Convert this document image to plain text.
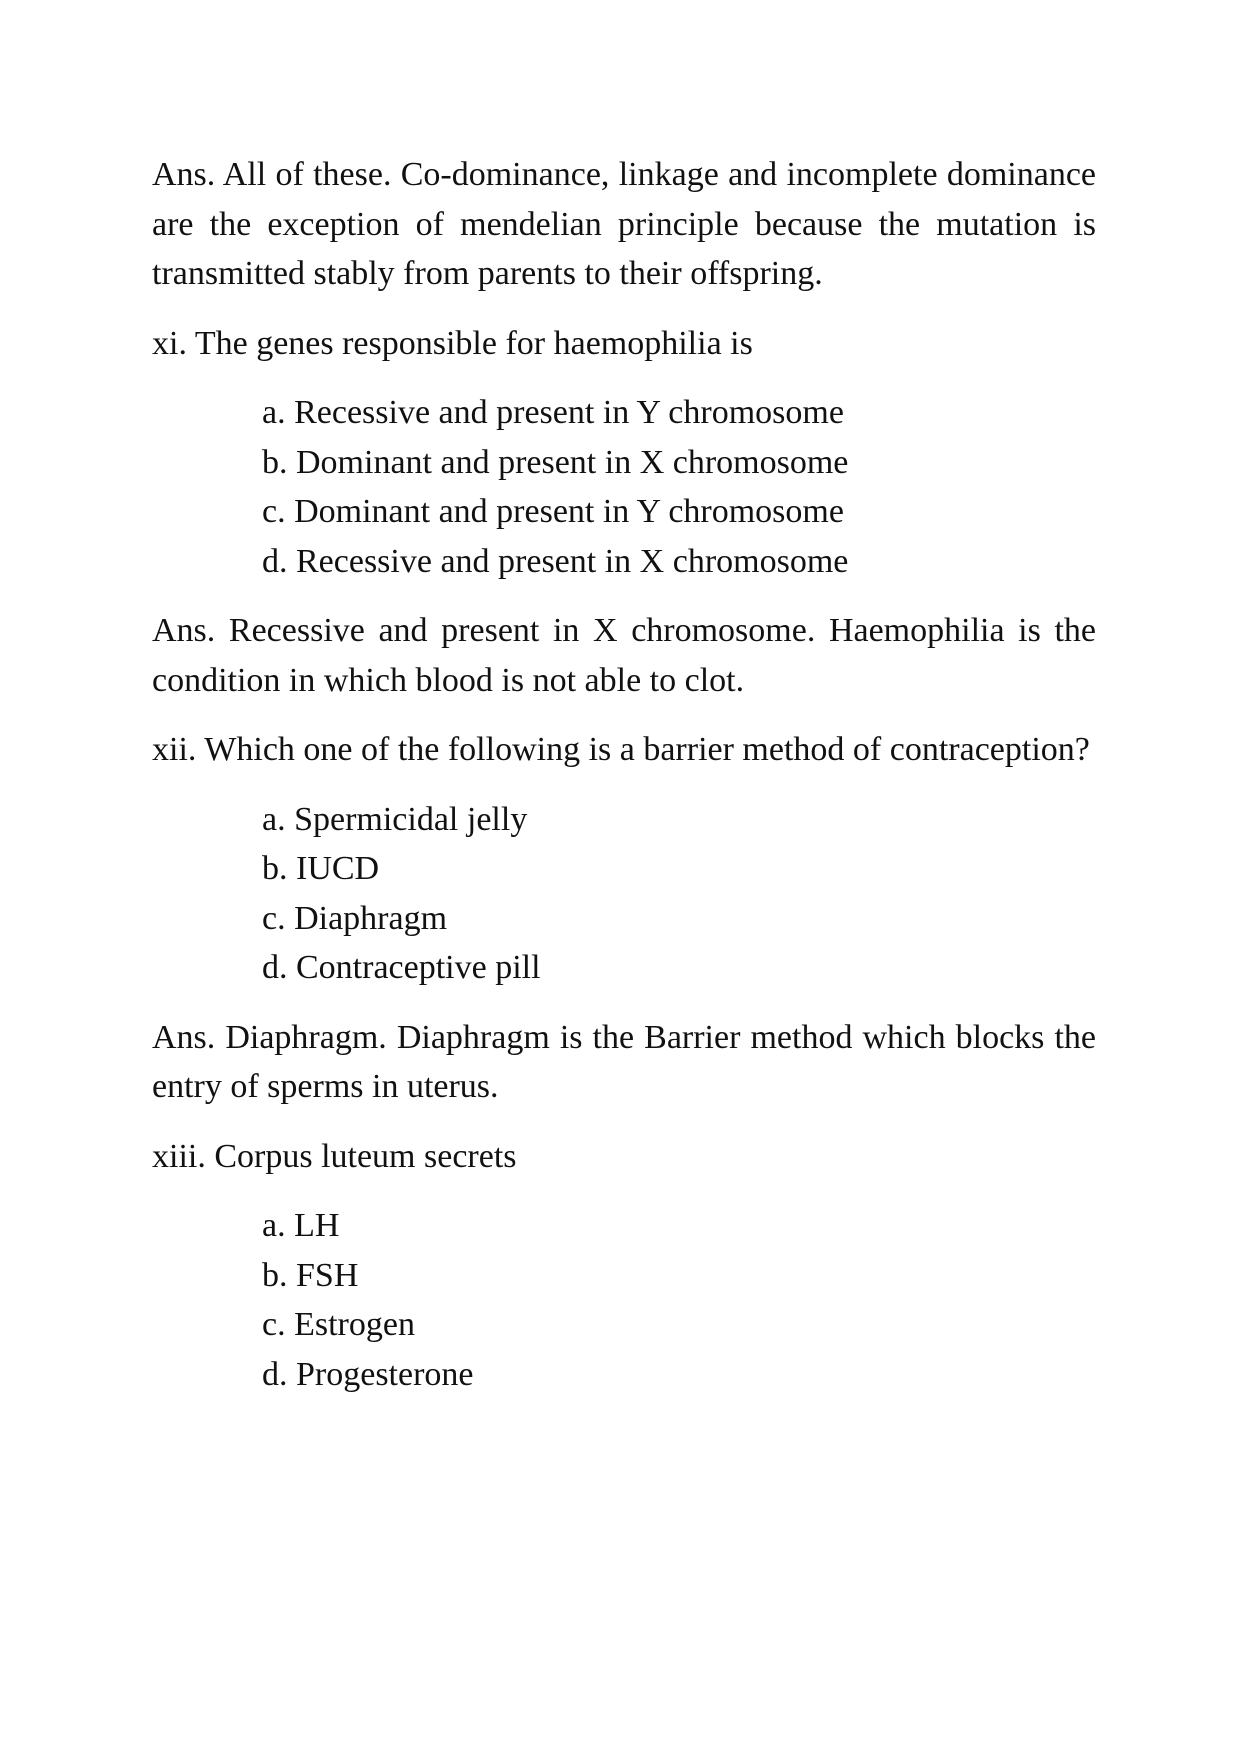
Ans. All of these. Co-dominance, linkage and incomplete dominance are the exception of mendelian principle because the mutation is transmitted stably from parents to their offspring.

xi. The genes responsible for haemophilia is

a. Recessive and present in Y chromosome
b. Dominant and present in X chromosome
c. Dominant and present in Y chromosome
d. Recessive and present in X chromosome

Ans. Recessive and present in X chromosome. Haemophilia is the condition in which blood is not able to clot.

xii. Which one of the following is a barrier method of contraception?

a. Spermicidal jelly
b. IUCD
c. Diaphragm
d. Contraceptive pill

Ans. Diaphragm. Diaphragm is the Barrier method which blocks the entry of sperms in uterus.

xiii. Corpus luteum secrets

a. LH
b. FSH
c. Estrogen
d. Progesterone
